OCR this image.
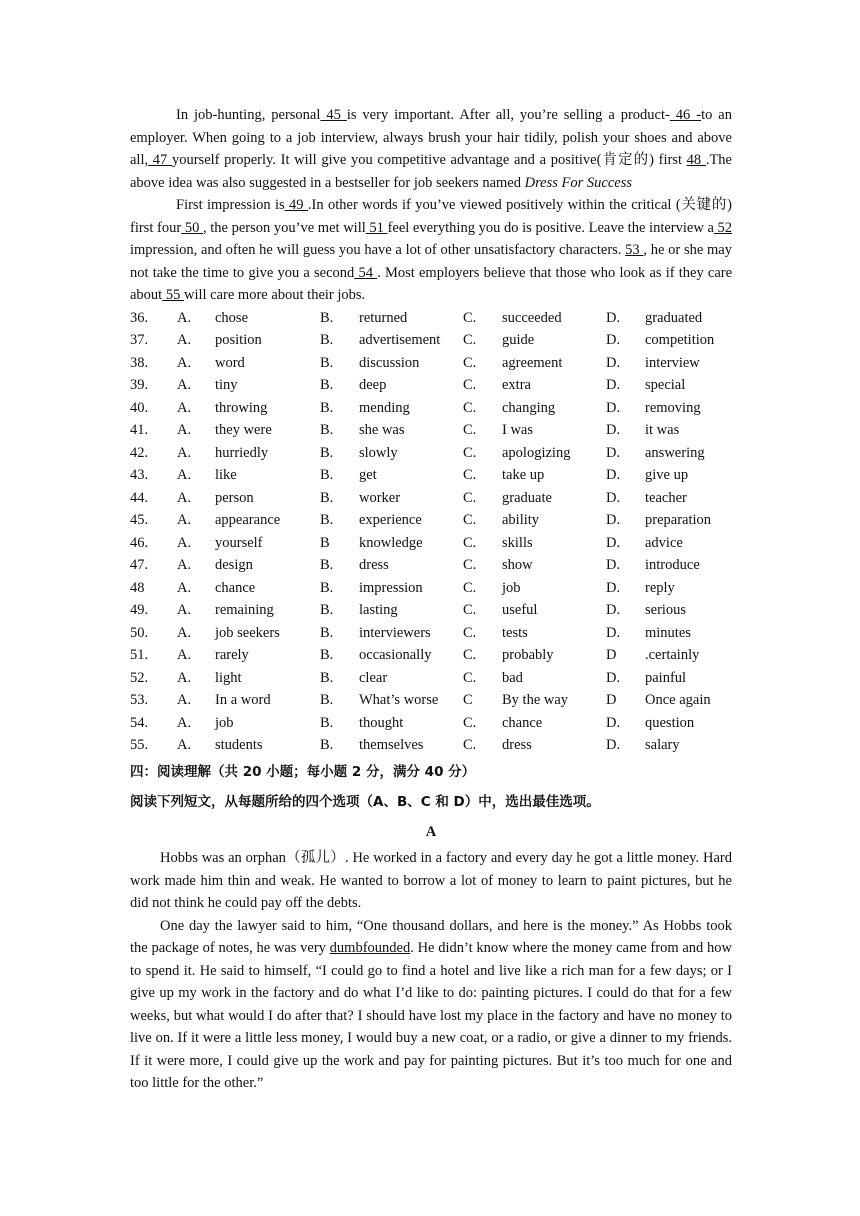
In job-hunting, personal 45 is very important. After all, you’re selling a product- 46 -to an employer. When going to a job interview, always brush your hair tidily, polish your shoes and above all, 47 yourself properly. It will give you competitive advantage and a positive(肯定的) first 48 .The above idea was also suggested in a bestseller for job seekers named Dress For Success

First impression is 49 .In other words if you’ve viewed positively within the critical (关键的) first four 50 , the person you’ve met will 51 feel everything you do is positive. Leave the interview a 52 impression, and often he will guess you have a lot of other unsatisfactory characters. 53 , he or she may not take the time to give you a second 54 . Most employers believe that those who look as if they care about 55 will care more about their jobs.

36. A. chose	B. returned	C. succeeded	D. graduated
37. A. position	B. advertisement C. guide	D. competition
38. A. word	B. discussion	C. agreement	D. interview
39. A. tiny	B. deep	C. extra	D. special
40. A. throwing	B. mending	C. changing	D. removing
41. A. they were	B. she was	C. I was	D. it was
42. A. hurriedly	B. slowly	C. apologizing D. answering
43. A. like	B. get	C. take up	D. give up
44. A. person	B. worker	C. graduate	D. teacher
45. A. appearance	B. experience	C. ability	D. preparation
46. A. yourself	B knowledge	C. skills	D. advice
47. A. design	B. dress	C. show	D. introduce
48 A. chance	B. impression	C. job	D. reply
49. A. remaining	B. lasting	C. useful	D. serious
50. A. job seekers	B. interviewers C. tests	D. minutes
51. A. rarely	B. occasionally C. probably	D .certainly
52. A. light	B. clear	C. bad	D. painful
53. A. In a word	B. What’s worse C By the way	D Once again
54. A. job	B. thought	C. chance	D. question
55. A. students	B. themselves	C. dress	D. salary
四：阅读理解（共 20 小题；每小题 2 分，满分 40 分）
阅读下列短文，从每题所给的四个选项（A、B、C 和 D）中，选出最佳选项。
A

Hobbs was an orphan（孤儿）. He worked in a factory and every day he got a little money. Hard work made him thin and weak. He wanted to borrow a lot of money to learn to paint pictures, but he did not think he could pay off the debts.

One day the lawyer said to him, “One thousand dollars, and here is the money.” As Hobbs took the package of notes, he was very dumbfounded. He didn’t know where the money came from and how to spend it. He said to himself, “I could go to find a hotel and live like a rich man for a few days; or I give up my work in the factory and do what I’d like to do: painting pictures. I could do that for a few weeks, but what would I do after that? I should have lost my place in the factory and have no money to live on. If it were a little less money, I would buy a new coat, or a radio, or give a dinner to my friends. If it were more, I could give up the work and pay for painting pictures. But it’s too much for one and too little for the other.”
